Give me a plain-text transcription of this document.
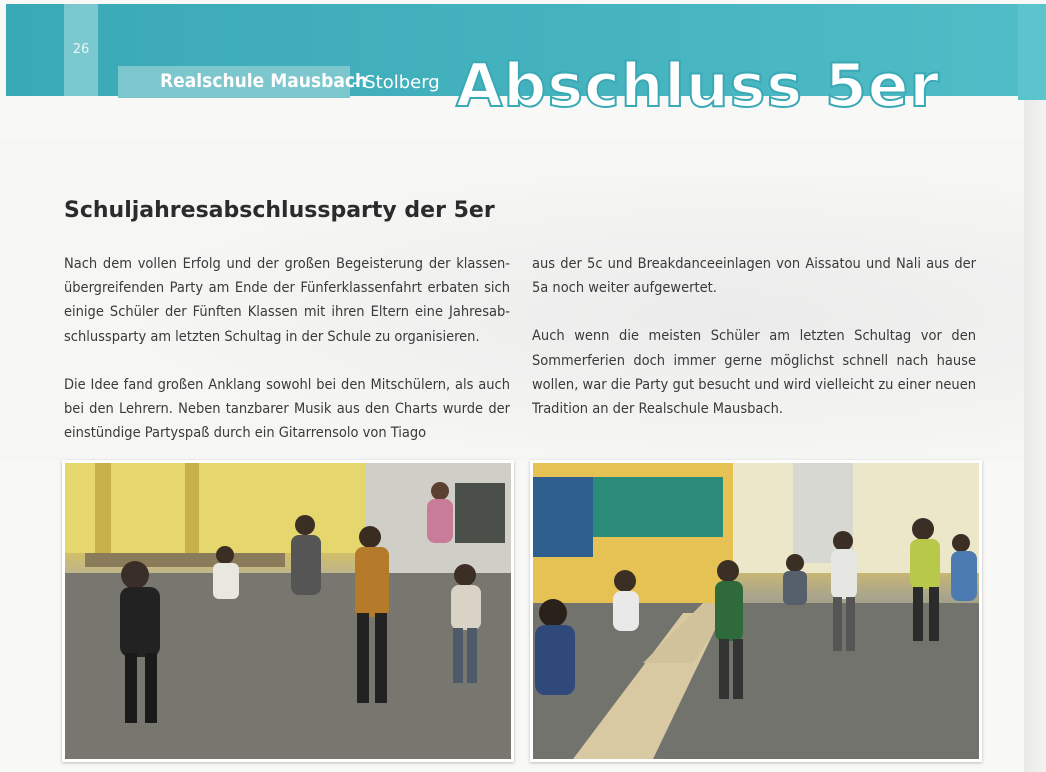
26
Realschule Mausbach
- Stolberg Abschluss 5er
Schuljahresabschlussparty der 5er

Nach dem vollen Erfolg und der großen Begeisterung der klassen-übergreifenden Party am Ende der Fünferklassenfahrt erbaten sich einige Schüler der Fünften Klassen mit ihren Eltern eine Jahresab-schlussparty am letzten Schultag in der Schule zu organisieren.

Die Idee fand großen Anklang sowohl bei den Mitschülern, als auch bei den Lehrern. Neben tanzbarer Musik aus den Charts wurde der einstündige Partyspaß durch ein Gitarrensolo von Tiago

aus der 5c und Breakdanceeinlagen von Aissatou und Nali aus der 5a noch weiter aufgewertet.

Auch wenn die meisten Schüler am letzten Schultag vor den Sommerferien doch immer gerne möglichst schnell nach hause wollen, war die Party gut besucht und wird vielleicht zu einer neuen Tradition an der Realschule Mausbach.
